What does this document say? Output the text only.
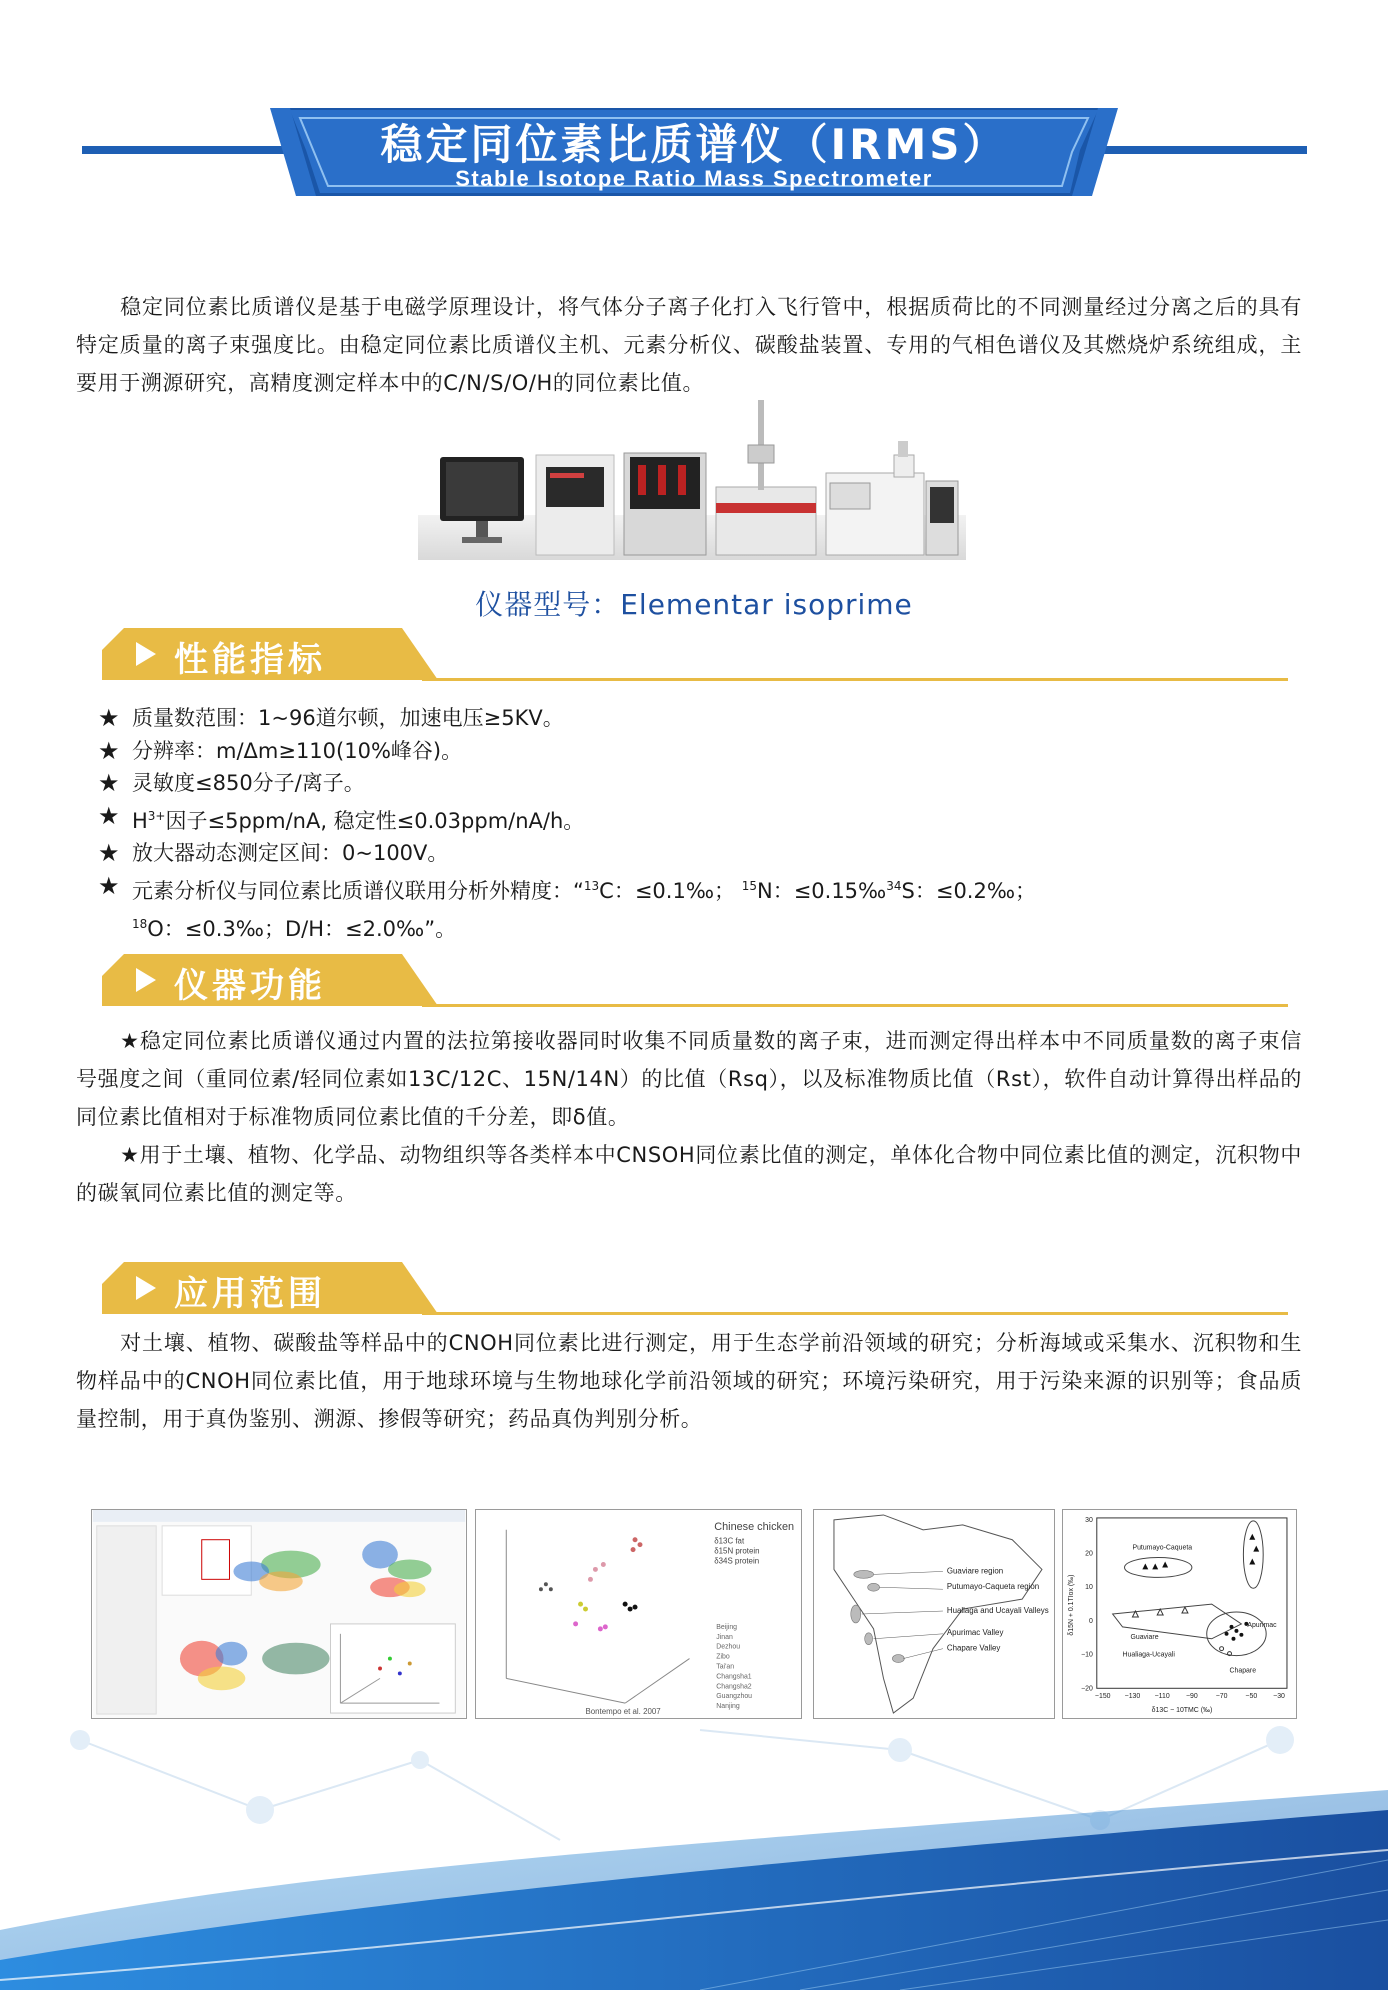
稳定同位素比质谱仪（IRMS）
Stable Isotope Ratio Mass Spectrometer

稳定同位素比质谱仪是基于电磁学原理设计，将气体分子离子化打入飞行管中，根据质荷比的不同测量经过分离之后的具有特定质量的离子束强度比。由稳定同位素比质谱仪主机、元素分析仪、碳酸盐装置、专用的气相色谱仪及其燃烧炉系统组成，主要用于溯源研究，高精度测定样本中的C/N/S/O/H的同位素比值。

仪器型号：Elementar isoprime
性能指标
★ 质量数范围：1~96道尔顿，加速电压≥5KV。
★ 分辨率：m/Δm≥110(10%峰谷)。
★ 灵敏度≤850分子/离子。
★ $H^{3+}$因子≤5ppm/nA, 稳定性≤0.03ppm/nA/h。
★ 放大器动态测定区间：0~100V。
★ 元素分析仪与同位素比质谱仪联用分析外精度：“$^{13}$C：≤0.1‰； $^{15}$N：≤0.15‰$^{34}$S：≤0.2‰；
$^{18}$O：≤0.3‰；D/H：≤2.0‰”。
仪器功能

★稳定同位素比质谱仪通过内置的法拉第接收器同时收集不同质量数的离子束，进而测定得出样本中不同质量数的离子束信号强度之间（重同位素/轻同位素如13C/12C、15N/14N）的比值（Rsq），以及标准物质比值（Rst），软件自动计算得出样品的同位素比值相对于标准物质同位素比值的千分差，即δ值。

★用于土壤、植物、化学品、动物组织等各类样本中CNSOH同位素比值的测定，单体化合物中同位素比值的测定，沉积物中的碳氧同位素比值的测定等。

应用范围

对土壤、植物、碳酸盐等样品中的CNOH同位素比进行测定，用于生态学前沿领域的研究；分析海域或采集水、沉积物和生物样品中的CNOH同位素比值，用于地球环境与生物地球化学前沿领域的研究；环境污染研究，用于污染来源的识别等；食品质量控制，用于真伪鉴别、溯源、掺假等研究；药品真伪判别分析。

Chinese chicken
δ13C fat
δ15N protein
δ34S protein
Beijing
Jinan
Dezhou
Zibo
Tai'an
Changsha1
Changsha2
Guangzhou
Nanjing
Bontempo et al. 2007
Guaviare region
Putumayo-Caqueta region
Huallaga and Ucayali Valleys
Apurimac Valley
Chapare Valley
30
20
10
0
−10
−20
−150 −130 −110 −90	−70	−50 −30
δ13C − 10TMC (‰)
δ15N + 0.1TIox (‰)
Putumayo-Caqueta
Apurimac
Guaviare
Hualiaga-Ucayali
Chapare
